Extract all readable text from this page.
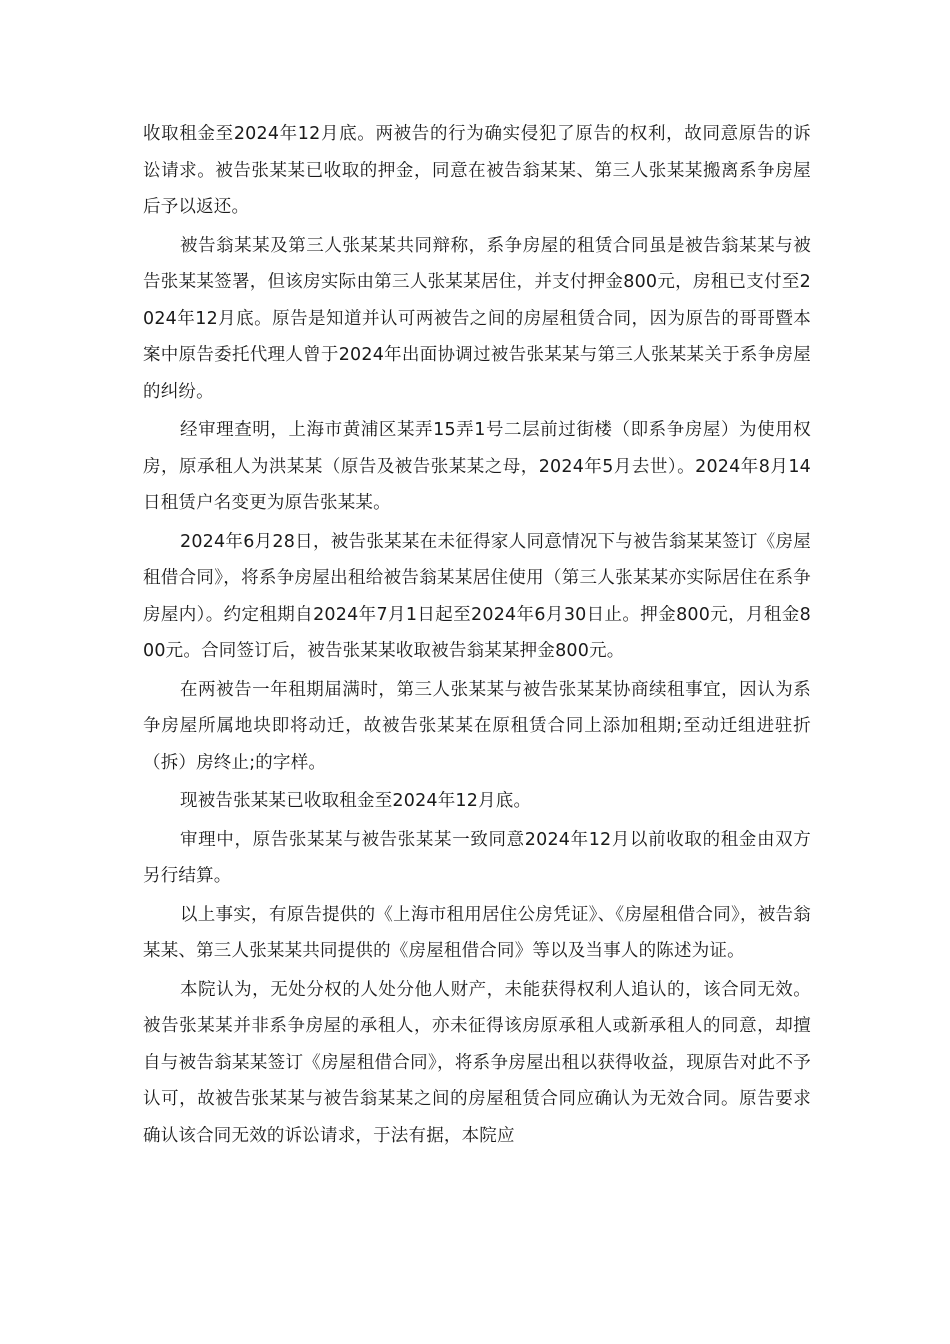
收取租金至2024年12月底。两被告的行为确实侵犯了原告的权利，故同意原告的诉讼请求。被告张某某已收取的押金，同意在被告翁某某、第三人张某某搬离系争房屋后予以返还。

被告翁某某及第三人张某某共同辩称，系争房屋的租赁合同虽是被告翁某某与被告张某某签署，但该房实际由第三人张某某居住，并支付押金800元，房租已支付至2024年12月底。原告是知道并认可两被告之间的房屋租赁合同，因为原告的哥哥暨本案中原告委托代理人曾于2024年出面协调过被告张某某与第三人张某某关于系争房屋的纠纷。

经审理查明，上海市黄浦区某弄15弄1号二层前过街楼（即系争房屋）为使用权房，原承租人为洪某某（原告及被告张某某之母，2024年5月去世）。2024年8月14日租赁户名变更为原告张某某。

2024年6月28日，被告张某某在未征得家人同意情况下与被告翁某某签订《房屋租借合同》，将系争房屋出租给被告翁某某居住使用（第三人张某某亦实际居住在系争房屋内）。约定租期自2024年7月1日起至2024年6月30日止。押金800元，月租金800元。合同签订后，被告张某某收取被告翁某某押金800元。

在两被告一年租期届满时，第三人张某某与被告张某某协商续租事宜，因认为系争房屋所属地块即将动迁，故被告张某某在原租赁合同上添加租期;至动迁组进驻折（拆）房终止;的字样。

现被告张某某已收取租金至2024年12月底。

审理中，原告张某某与被告张某某一致同意2024年12月以前收取的租金由双方另行结算。

以上事实，有原告提供的《上海市租用居住公房凭证》、《房屋租借合同》，被告翁某某、第三人张某某共同提供的《房屋租借合同》等以及当事人的陈述为证。

本院认为，无处分权的人处分他人财产，未能获得权利人追认的，该合同无效。被告张某某并非系争房屋的承租人，亦未征得该房原承租人或新承租人的同意，却擅自与被告翁某某签订《房屋租借合同》，将系争房屋出租以获得收益，现原告对此不予认可，故被告张某某与被告翁某某之间的房屋租赁合同应确认为无效合同。原告要求确认该合同无效的诉讼请求，于法有据，本院应
